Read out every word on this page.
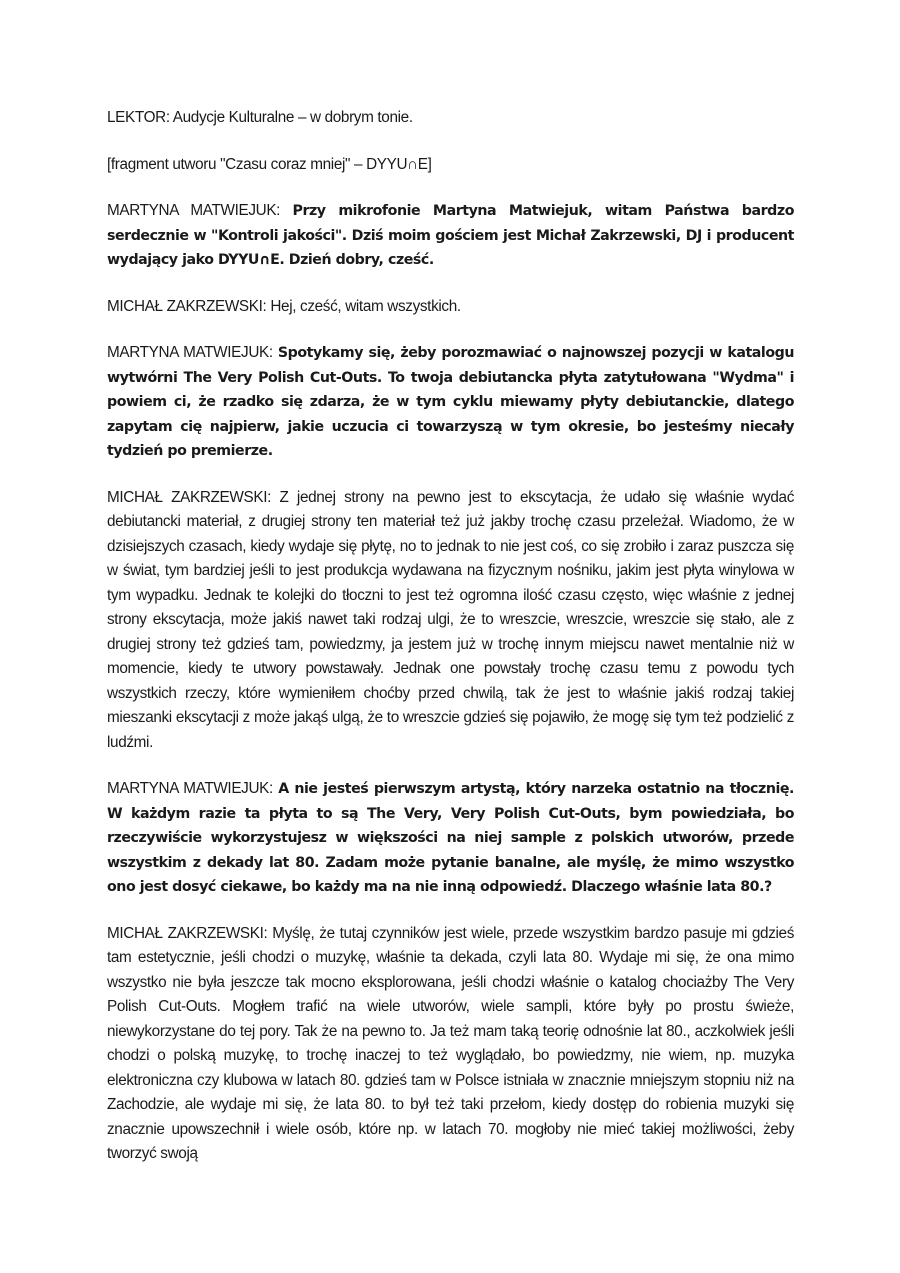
LEKTOR: Audycje Kulturalne – w dobrym tonie.

[fragment utworu "Czasu coraz mniej" – DYYU∩E]

MARTYNA MATWIEJUK: Przy mikrofonie Martyna Matwiejuk, witam Państwa bardzo serdecznie w "Kontroli jakości". Dziś moim gościem jest Michał Zakrzewski, DJ i producent wydający jako DYYU∩E. Dzień dobry, cześć.

MICHAŁ ZAKRZEWSKI: Hej, cześć, witam wszystkich.

MARTYNA MATWIEJUK: Spotykamy się, żeby porozmawiać o najnowszej pozycji w katalogu wytwórni The Very Polish Cut-Outs. To twoja debiutancka płyta zatytułowana "Wydma" i powiem ci, że rzadko się zdarza, że w tym cyklu miewamy płyty debiutanckie, dlatego zapytam cię najpierw, jakie uczucia ci towarzyszą w tym okresie, bo jesteśmy niecały tydzień po premierze.

MICHAŁ ZAKRZEWSKI: Z jednej strony na pewno jest to ekscytacja, że udało się właśnie wydać debiutancki materiał, z drugiej strony ten materiał też już jakby trochę czasu przeleżał. Wiadomo, że w dzisiejszych czasach, kiedy wydaje się płytę, no to jednak to nie jest coś, co się zrobiło i zaraz puszcza się w świat, tym bardziej jeśli to jest produkcja wydawana na fizycznym nośniku, jakim jest płyta winylowa w tym wypadku. Jednak te kolejki do tłoczni to jest też ogromna ilość czasu często, więc właśnie z jednej strony ekscytacja, może jakiś nawet taki rodzaj ulgi, że to wreszcie, wreszcie, wreszcie się stało, ale z drugiej strony też gdzieś tam, powiedzmy, ja jestem już w trochę innym miejscu nawet mentalnie niż w momencie, kiedy te utwory powstawały. Jednak one powstały trochę czasu temu z powodu tych wszystkich rzeczy, które wymieniłem choćby przed chwilą, tak że jest to właśnie jakiś rodzaj takiej mieszanki ekscytacji z może jakąś ulgą, że to wreszcie gdzieś się pojawiło, że mogę się tym też podzielić z ludźmi.

MARTYNA MATWIEJUK: A nie jesteś pierwszym artystą, który narzeka ostatnio na tłocznię. W każdym razie ta płyta to są The Very, Very Polish Cut-Outs, bym powiedziała, bo rzeczywiście wykorzystujesz w większości na niej sample z polskich utworów, przede wszystkim z dekady lat 80. Zadam może pytanie banalne, ale myślę, że mimo wszystko ono jest dosyć ciekawe, bo każdy ma na nie inną odpowiedź. Dlaczego właśnie lata 80.?

MICHAŁ ZAKRZEWSKI: Myślę, że tutaj czynników jest wiele, przede wszystkim bardzo pasuje mi gdzieś tam estetycznie, jeśli chodzi o muzykę, właśnie ta dekada, czyli lata 80. Wydaje mi się, że ona mimo wszystko nie była jeszcze tak mocno eksplorowana, jeśli chodzi właśnie o katalog chociażby The Very Polish Cut-Outs. Mogłem trafić na wiele utworów, wiele sampli, które były po prostu świeże, niewykorzystane do tej pory. Tak że na pewno to. Ja też mam taką teorię odnośnie lat 80., aczkolwiek jeśli chodzi o polską muzykę, to trochę inaczej to też wyglądało, bo powiedzmy, nie wiem, np. muzyka elektroniczna czy klubowa w latach 80. gdzieś tam w Polsce istniała w znacznie mniejszym stopniu niż na Zachodzie, ale wydaje mi się, że lata 80. to był też taki przełom, kiedy dostęp do robienia muzyki się znacznie upowszechnił i wiele osób, które np. w latach 70. mogłoby nie mieć takiej możliwości, żeby tworzyć swoją
